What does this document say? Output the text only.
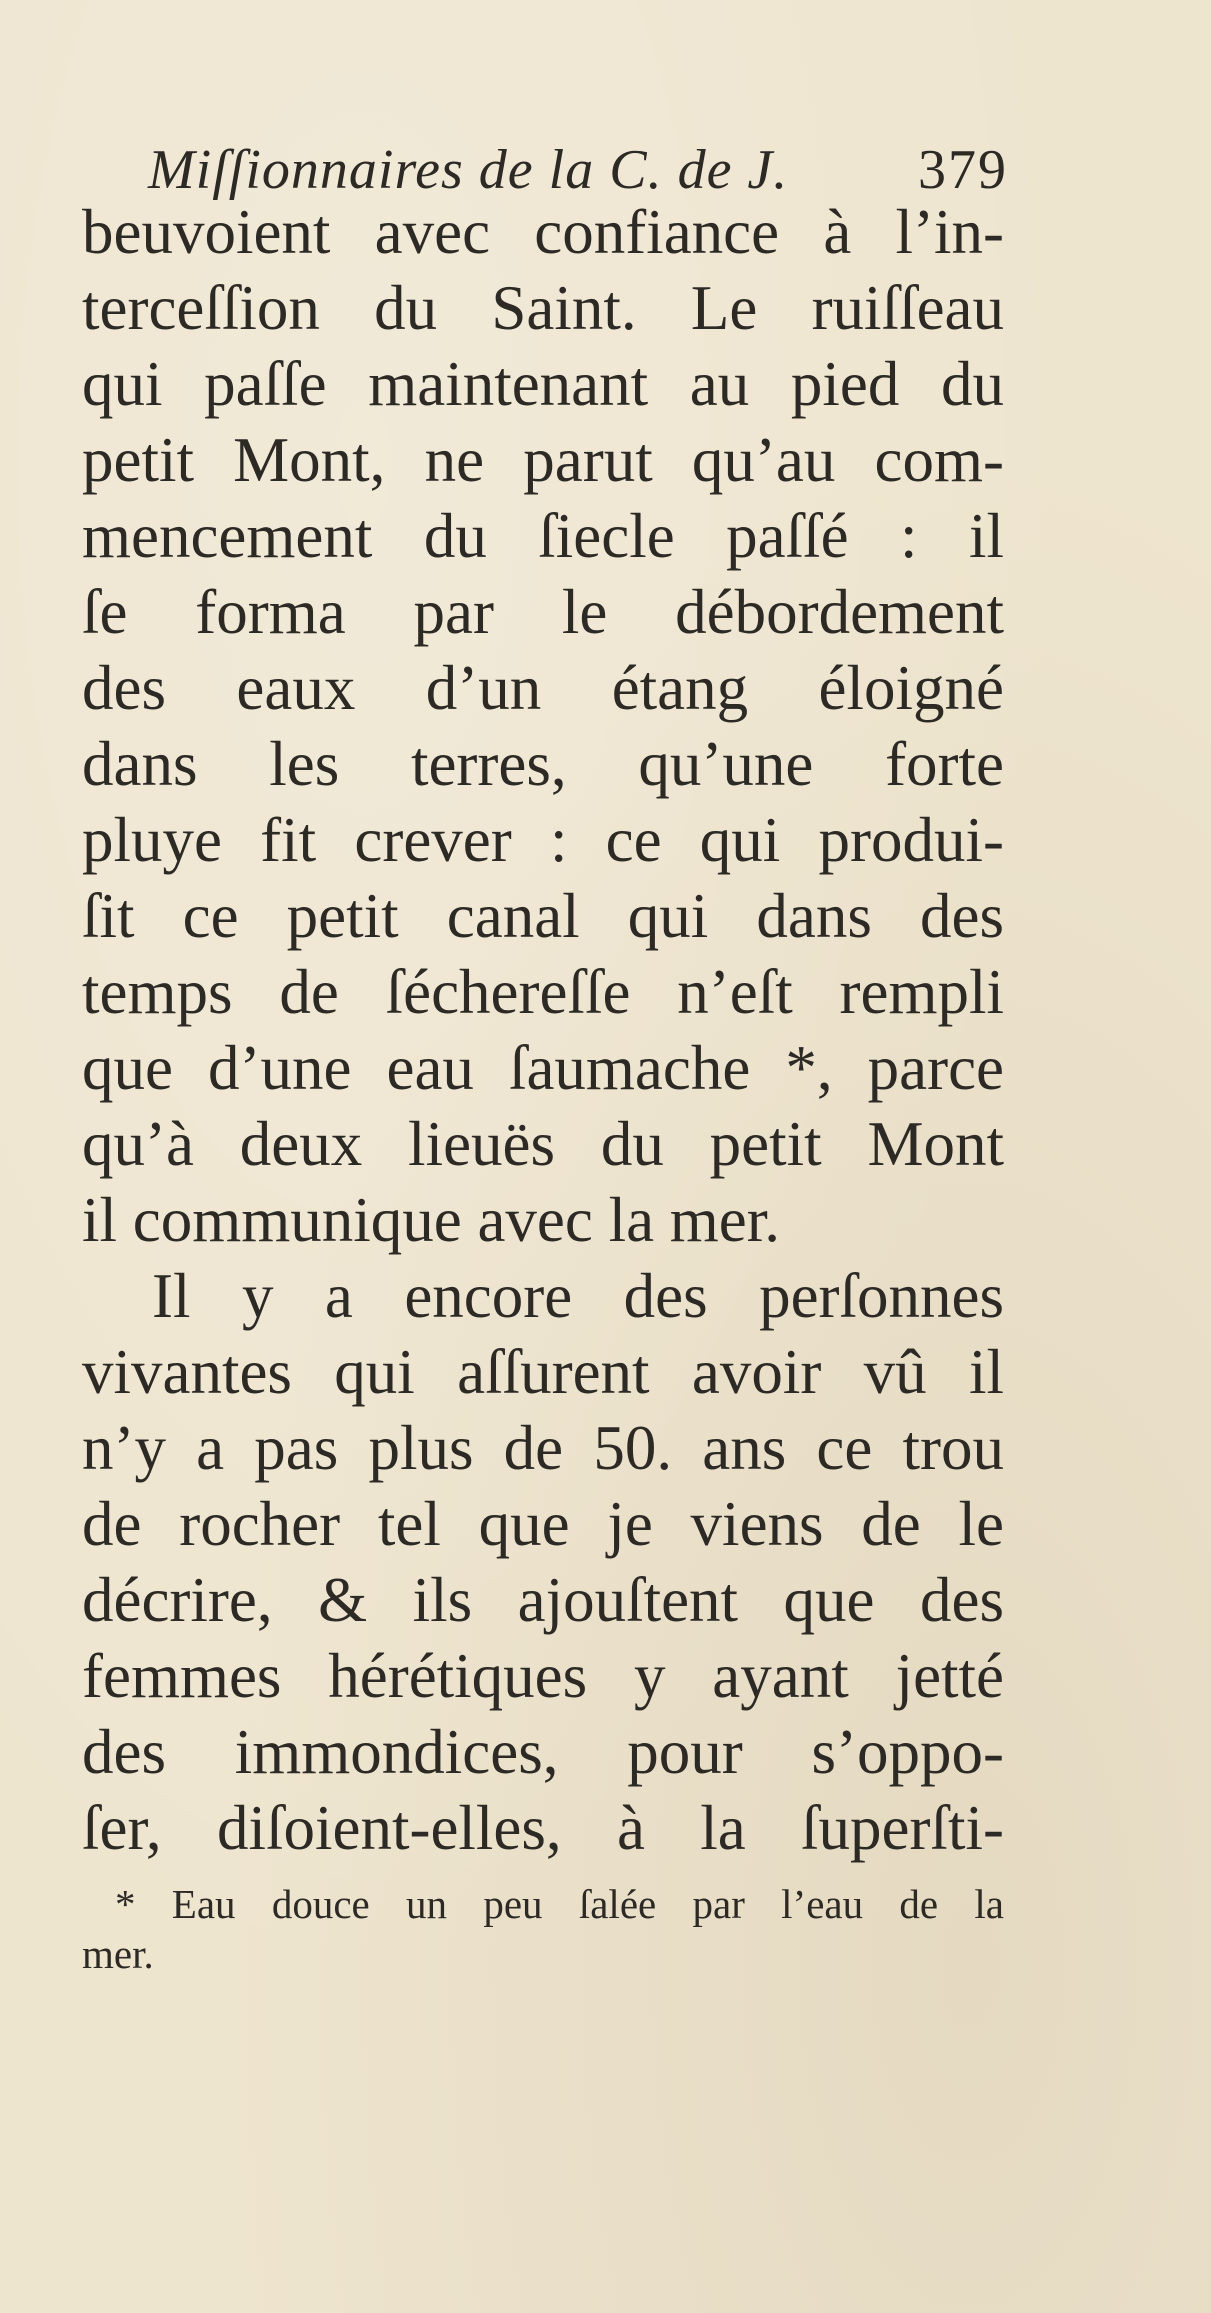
Miſſionnaires de la C. de J. 379
beuvoient avec confiance à l’in-
terceſſion du Saint. Le ruiſſeau
qui paſſe maintenant au pied du
petit Mont, ne parut qu’au com-
mencement du ſiecle paſſé : il
ſe forma par le débordement
des eaux d’un étang éloigné
dans les terres, qu’une forte
pluye fit crever : ce qui produi-
ſit ce petit canal qui dans des
temps de ſéchereſſe n’eſt rempli
que d’une eau ſaumache *, parce
qu’à deux lieuës du petit Mont
il communique avec la mer.
Il y a encore des perſonnes
vivantes qui aſſurent avoir vû il
n’y a pas plus de 50. ans ce trou
de rocher tel que je viens de le
décrire, & ils ajouſtent que des
femmes hérétiques y ayant jetté
des immondices, pour s’oppo-
ſer, diſoient-elles, à la ſuperſti-
* Eau douce un peu ſalée par l’eau de la
mer.
